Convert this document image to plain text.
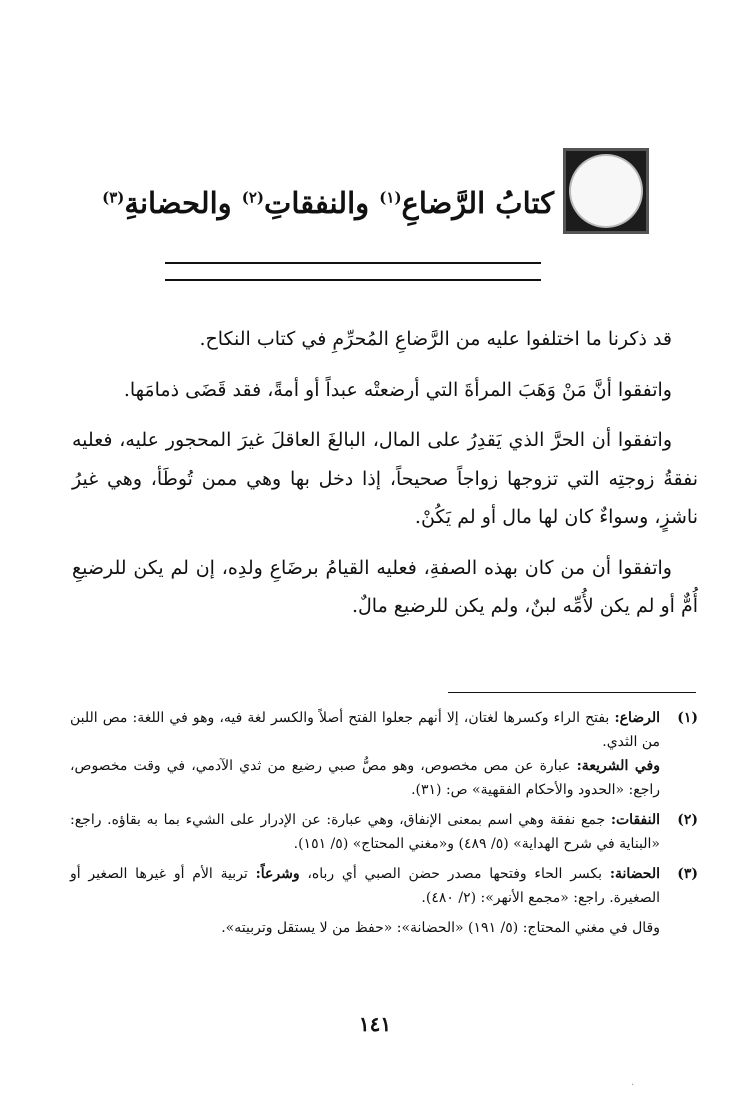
كتابُ الرَّضاعِ$^{(١)}$ والنفقاتِ$^{(٢)}$ والحضانةِ$^{(٣)}$

قد ذكرنا ما اختلفوا عليه من الرَّضاعِ المُحرِّمِ في كتاب النكاح.

واتفقوا أنَّ مَنْ وَهَبَ المرأةَ التي أرضعتْه عبداً أو أمةً، فقد قَضَى ذمامَها.

واتفقوا أن الحرَّ الذي يَقدِرُ على المال، البالغَ العاقلَ غيرَ المحجور عليه، فعليه نفقةُ زوجتِه التي تزوجها زواجاً صحيحاً، إذا دخل بها وهي ممن تُوطَأ، وهي غيرُ ناشزٍ، وسواءٌ كان لها مال أو لم يَكُنْ.

واتفقوا أن من كان بهذه الصفةِ، فعليه القيامُ برضَاعِ ولدِه، إن لم يكن للرضيعِ أُمٌّ أو لم يكن لأُمِّه لبنٌ، ولم يكن للرضيع مالٌ.

(١)
الرضاع: بفتح الراء وكسرها لغتان، إلا أنهم جعلوا الفتح أصلاً والكسر لغة فيه، وهو في اللغة: مص اللبن من الثدي.
وفي الشريعة: عبارة عن مص مخصوص، وهو مصُّ صبي رضيع من ثدي الآدمي، في وقت مخصوص، راجع: «الحدود والأحكام الفقهية» ص: (٣١).
(٢)
النفقات: جمع نفقة وهي اسم بمعنى الإنفاق، وهي عبارة: عن الإدرار على الشيء بما به بقاؤه. راجع: «البناية في شرح الهداية» (٥/ ٤٨٩) و«مغني المحتاج» (٥/ ١٥١).
(٣)
الحضانة: بكسر الحاء وفتحها مصدر حضن الصبي أي رباه، وشرعاً: تربية الأم أو غيرها الصغير أو الصغيرة. راجع: «مجمع الأنهر»: (٢/ ٤٨٠).
وقال في مغني المحتاج: (٥/ ١٩١) «الحضانة»: «حفظ من لا يستقل وتربيته».
١٤١
·
